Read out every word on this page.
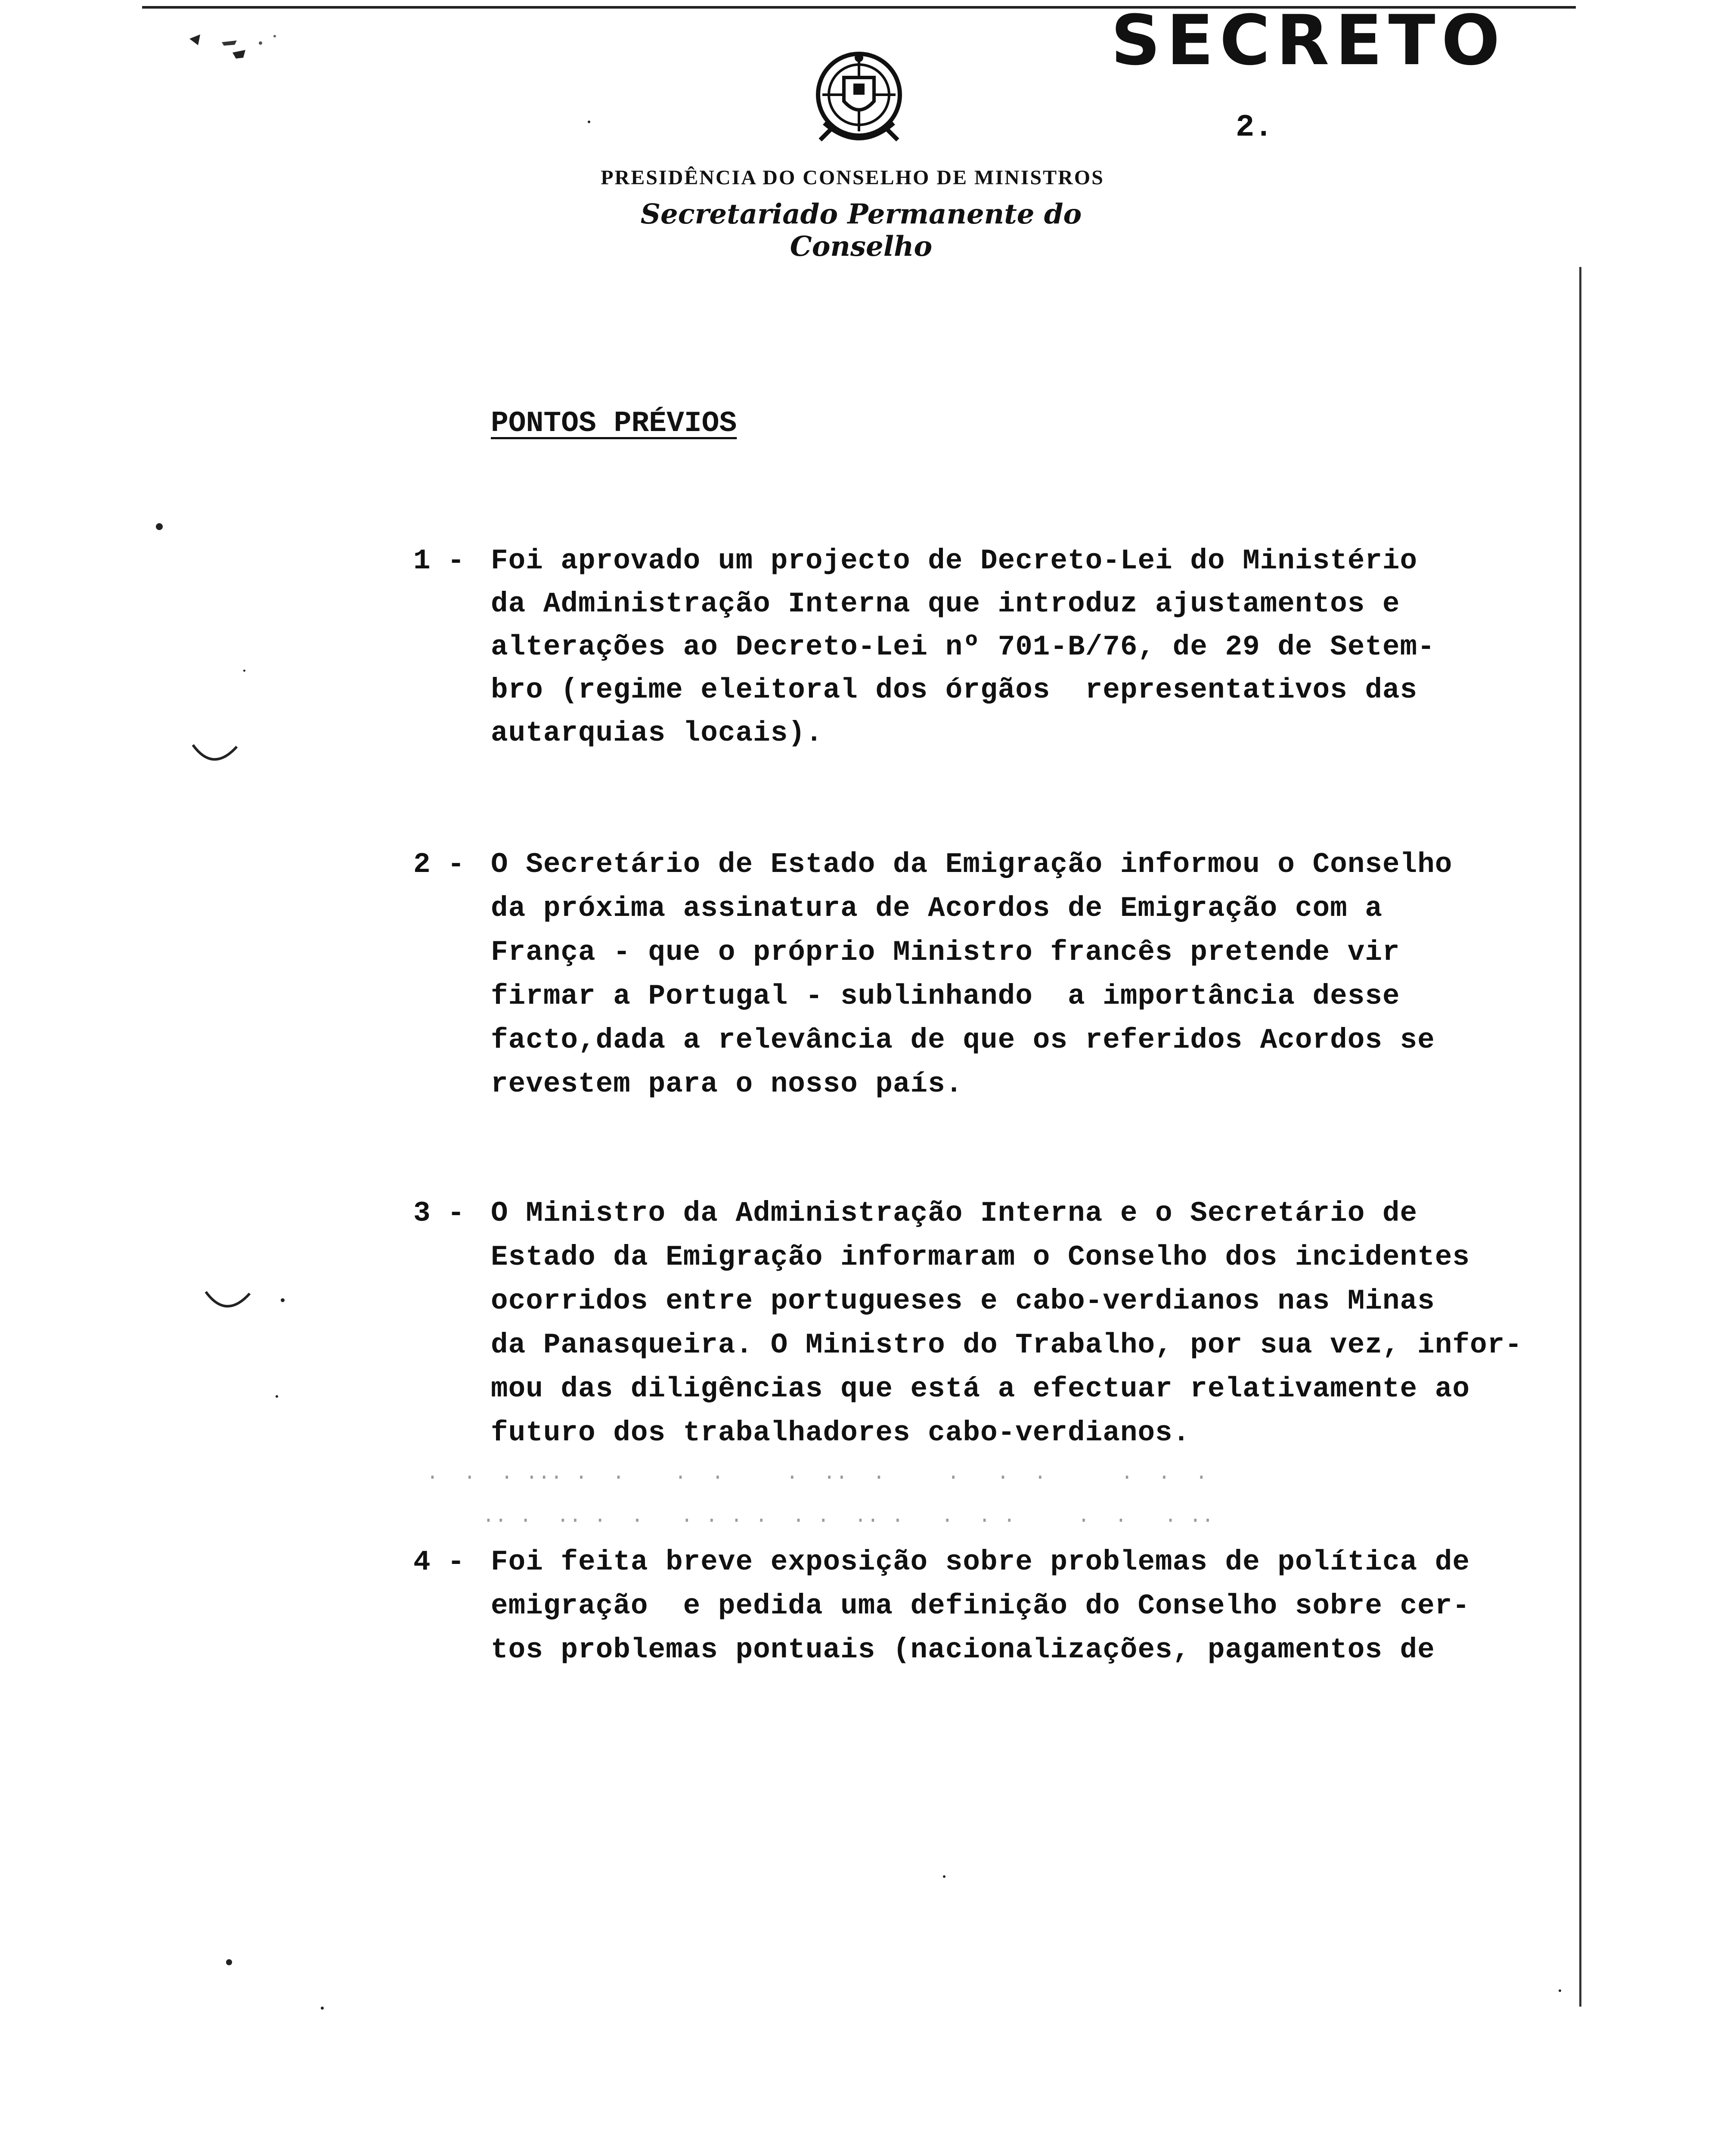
SECRETO
2.
PRESIDÊNCIA DO CONSELHO DE MINISTROS
Secretariado Permanente do Conselho
PONTOS PRÉVIOS
1 - Foi aprovado um projecto de Decreto-Lei do Ministério
da Administração Interna que introduz ajustamentos e
alterações ao Decreto-Lei nº 701-B/76, de 29 de Setem-
bro (regime eleitoral dos órgãos  representativos das
autarquias locais).
2 - O Secretário de Estado da Emigração informou o Conselho
da próxima assinatura de Acordos de Emigração com a
França - que o próprio Ministro francês pretende vir
firmar a Portugal - sublinhando  a importância desse
facto,dada a relevância de que os referidos Acordos se
revestem para o nosso país.
3 - O Ministro da Administração Interna e o Secretário de
Estado da Emigração informaram o Conselho dos incidentes
ocorridos entre portugueses e cabo-verdianos nas Minas
da Panasqueira. O Ministro do Trabalho, por sua vez, infor-
mou das diligências que está a efectuar relativamente ao
futuro dos trabalhadores cabo-verdianos.
·  ·  · ··· ·  ·    ·  ·     ·  ··  ·     ·   ·  ·      ·  ·  ·
·· ·  ·· ·  ·   · · · ·  · ·  ·· ·   ·  · ·     ·  ·   · ··
4 - Foi feita breve exposição sobre problemas de política de
emigração  e pedida uma definição do Conselho sobre cer-
tos problemas pontuais (nacionalizações, pagamentos de
